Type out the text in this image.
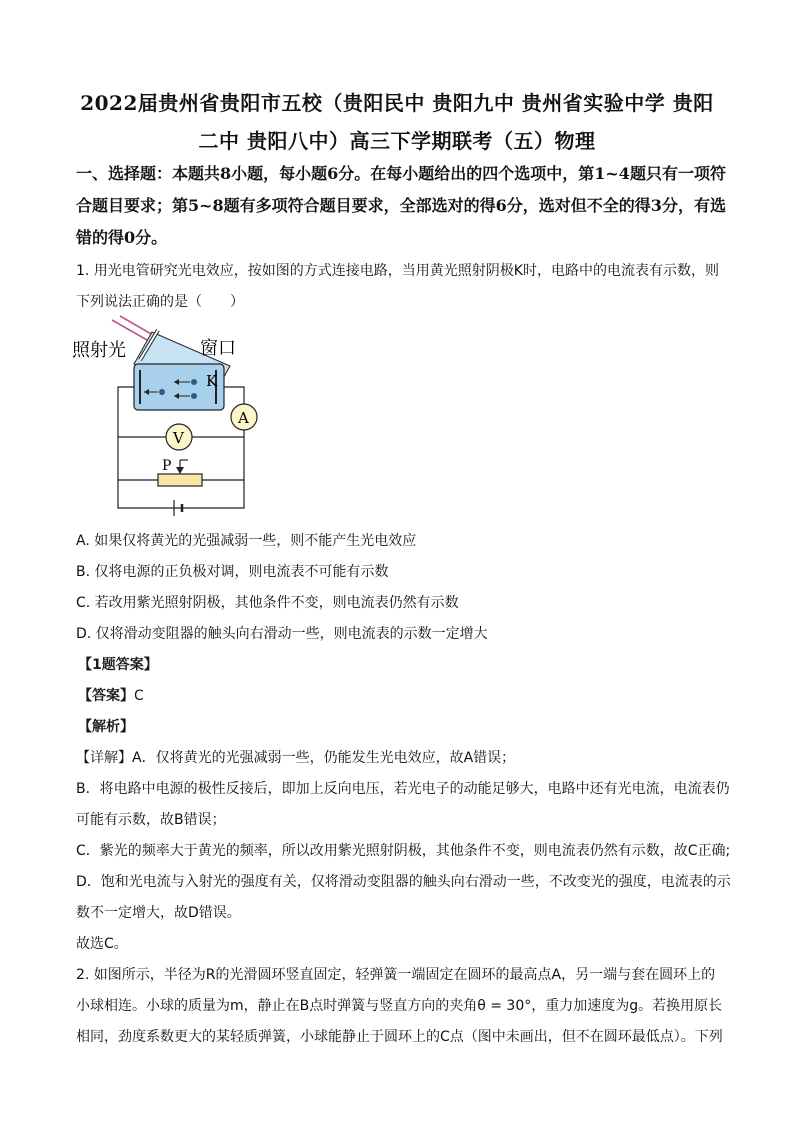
2022届贵州省贵阳市五校（贵阳民中 贵阳九中 贵州省实验中学 贵阳
二中 贵阳八中）高三下学期联考（五）物理
一、选择题：本题共8小题，每小题6分。在每小题给出的四个选项中，第1~4题只有一项符合题目要求；第5~8题有多项符合题目要求，全部选对的得6分，选对但不全的得3分，有选错的得0分。
1. 用光电管研究光电效应，按如图的方式连接电路，当用黄光照射阴极K时，电路中的电流表有示数，则
下列说法正确的是（　　）
照射光	窗口
K
A
V
P
A. 如果仅将黄光的光强减弱一些，则不能产生光电效应
B. 仅将电源的正负极对调，则电流表不可能有示数
C. 若改用紫光照射阴极，其他条件不变，则电流表仍然有示数
D. 仅将滑动变阻器的触头向右滑动一些，则电流表的示数一定增大
【1题答案】
【答案】C
【解析】
【详解】A．仅将黄光的光强减弱一些，仍能发生光电效应，故A错误；
B．将电路中电源的极性反接后，即加上反向电压，若光电子的动能足够大，电路中还有光电流，电流表仍
可能有示数，故B错误；
C．紫光的频率大于黄光的频率，所以改用紫光照射阴极，其他条件不变，则电流表仍然有示数，故C正确;
D．饱和光电流与入射光的强度有关，仅将滑动变阻器的触头向右滑动一些，不改变光的强度，电流表的示
数不一定增大，故D错误。
故选C。
2. 如图所示，半径为R的光滑圆环竖直固定，轻弹簧一端固定在圆环的最高点A，另一端与套在圆环上的
小球相连。小球的质量为m，静止在B点时弹簧与竖直方向的夹角θ = 30°，重力加速度为g。若换用原长
相同，劲度系数更大的某轻质弹簧，小球能静止于圆环上的C点（图中未画出，但不在圆环最低点）。下列
